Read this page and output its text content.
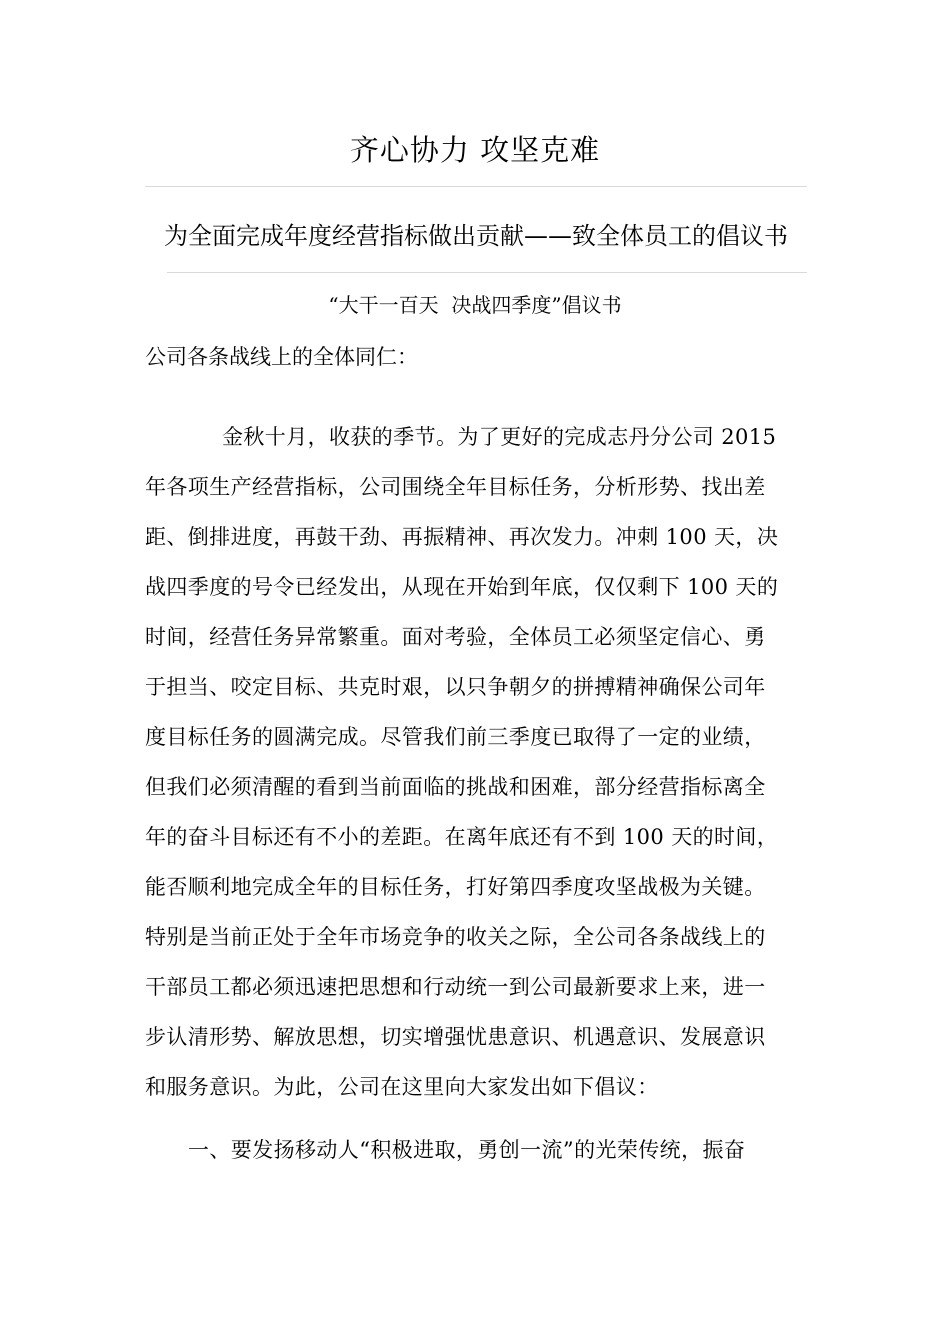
齐心协力 攻坚克难
为全面完成年度经营指标做出贡献——致全体员工的倡议书

“大干一百天  决战四季度”倡议书

公司各条战线上的全体同仁：

金秋十月，收获的季节。为了更好的完成志丹分公司 2015
年各项生产经营指标，公司围绕全年目标任务，分析形势、找出差
距、倒排进度，再鼓干劲、再振精神、再次发力。冲刺 100 天，决
战四季度的号令已经发出，从现在开始到年底，仅仅剩下 100 天的
时间，经营任务异常繁重。面对考验，全体员工必须坚定信心、勇
于担当、咬定目标、共克时艰，以只争朝夕的拼搏精神确保公司年
度目标任务的圆满完成。尽管我们前三季度已取得了一定的业绩，
但我们必须清醒的看到当前面临的挑战和困难，部分经营指标离全
年的奋斗目标还有不小的差距。在离年底还有不到 100 天的时间，
能否顺利地完成全年的目标任务，打好第四季度攻坚战极为关键。
特别是当前正处于全年市场竞争的收关之际，全公司各条战线上的
干部员工都必须迅速把思想和行动统一到公司最新要求上来，进一
步认清形势、解放思想，切实增强忧患意识、机遇意识、发展意识
和服务意识。为此，公司在这里向大家发出如下倡议：

一、要发扬移动人“积极进取，勇创一流”的光荣传统，振奋
